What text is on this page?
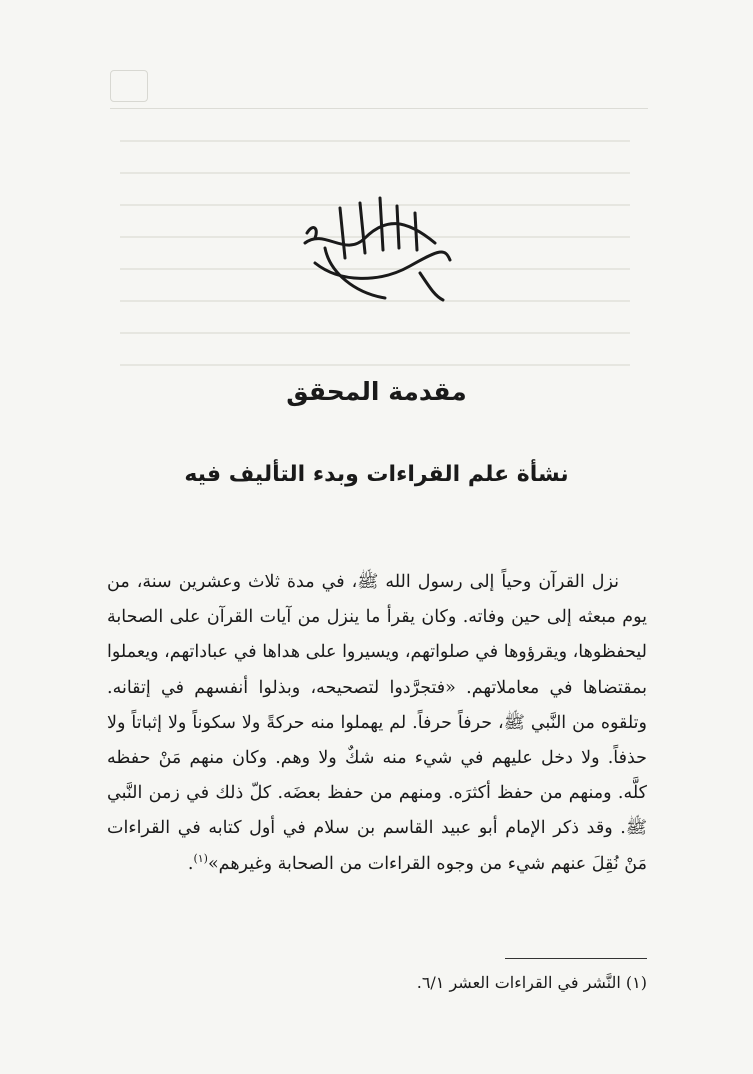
بسم الله الرحمن الرحيم
مقدمة المحقق
نشأة علم القراءات وبدء التأليف فيه

نزل القرآن وحياً إلى رسول الله ﷺ، في مدة ثلاث وعشرين سنة، من يوم مبعثه إلى حين وفاته. وكان يقرأ ما ينزل من آيات القرآن على الصحابة ليحفظوها، ويقرؤوها في صلواتهم، ويسيروا على هداها في عباداتهم، ويعملوا بمقتضاها في معاملاتهم. «فتجرَّدوا لتصحيحه، وبذلوا أنفسهم في إتقانه. وتلقوه من النَّبي ﷺ، حرفاً حرفاً. لم يهملوا منه حركةً ولا سكوناً ولا إثباتاً ولا حذفاً. ولا دخل عليهم في شيء منه شكٌ ولا وهم. وكان منهم مَنْ حفظه كلَّه. ومنهم من حفظ أكثرَه. ومنهم من حفظ بعضَه. كلّ ذلك في زمن النَّبي ﷺ. وقد ذكر الإمام أبو عبيد القاسم بن سلام في أول كتابه في القراءات مَنْ نُقِلَ عنهم شيء من وجوه القراءات من الصحابة وغيرهم»$^{(١)}$.

(١) النَّشر في القراءات العشر ٦/١.
